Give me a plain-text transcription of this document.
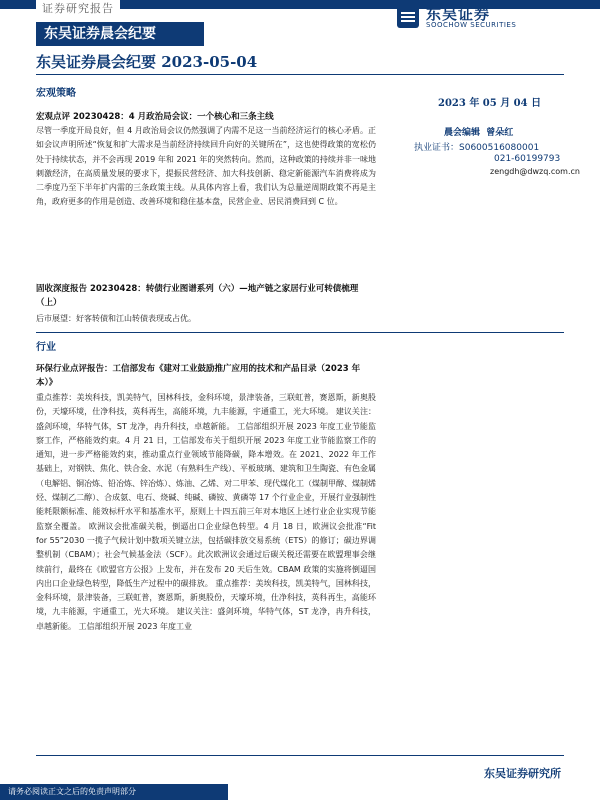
证券研究报告	东吴证券
SOOCHOW SECURITIES
东吴证券晨会纪要
东吴证券晨会纪要 2023-05-04
宏观策略
2023 年 05 月 04 日
晨会编辑 曾朵红
执业证书：S0600516080001
021-60199793
zengdh@dwzq.com.cn
宏观点评 20230428：4 月政治局会议：一个核心和三条主线
尽管一季度开局良好，但 4 月政治局会议仍然强调了内需不足这一当前经济运行的核心矛盾。正如会议声明所述“恢复和扩大需求是当前经济持续回升向好的关键所在”，这也使得政策的宽松仍处于持续状态，并不会再现 2019 年和 2021 年的突然转向。然而，这种政策的持续并非一味地刺激经济，在高质量发展的要求下，提振民营经济、加大科技创新、稳定新能源汽车消费将成为二季度乃至下半年扩内需的三条政策主线。从具体内容上看，我们认为总量逆周期政策不再是主角，政府更多的作用是创造、改善环境和稳住基本盘，民营企业、居民消费回到 C 位。
固收深度报告 20230428：转债行业图谱系列（六）—地产链之家居行业可转债梳理（上）
后市展望：好客转债和江山转债表现或占优。
行业
环保行业点评报告：工信部发布《建对工业鼓励推广应用的技术和产品目录（2023 年本）》
重点推荐：美埃科技，凯美特气，国林科技，金科环境，景津装备，三联虹普，赛恩斯，新奥股份，天壕环境，仕净科技，英科再生，高能环境，九丰能源，宇通重工，光大环境。 建议关注：盛剑环境，华特气体，ST 龙净，冉升科技，卓越新能。 工信部组织开展 2023 年度工业节能监察工作，严格能效约束。4 月 21 日，工信部发布关于组织开展 2023 年度工业节能监察工作的通知，进一步严格能效约束，推动重点行业领域节能降碳，降本增效。在 2021、2022 年工作基础上，对钢铁、焦化、铁合金、水泥（有熟料生产线）、平板玻璃、建筑和卫生陶瓷、有色金属（电解铝、铜冶炼、铅冶炼、锌冶炼）、炼油、乙烯、对二甲苯、现代煤化工（煤制甲醇、煤制烯烃、煤制乙二醇）、合成氨、电石、烧碱、纯碱、磷铵、黄磷等 17 个行业企业，开展行业强制性能耗限额标准、能效标杆水平和基准水平，原则上十四五前三年对本地区上述行业企业实现节能监察全覆盖。 欧洲议会批准碳关税，倒逼出口企业绿色转型。4 月 18 日，欧洲议会批准“Fit for 55”2030 一揽子气候计划中数项关键立法，包括碳排放交易系统（ETS）的修订；碳边界调整机制（CBAM）；社会气候基金法（SCF）。此次欧洲议会通过后碳关税还需要在欧盟理事会继续前行，最终在《欧盟官方公报》上发布，并在发布 20 天后生效。CBAM 政策的实施将倒逼国内出口企业绿色转型，降低生产过程中的碳排放。 重点推荐：美埃科技，凯美特气，国林科技，金科环境，景津装备，三联虹普，赛恩斯，新奥股份，天壕环境，仕净科技，英科再生，高能环境，九丰能源，宇通重工，光大环境。 建议关注：盛剑环境，华特气体，ST 龙净，冉升科技，卓越新能。 工信部组织开展 2023 年度工业
东吴证券研究所
请务必阅读正文之后的免责声明部分
